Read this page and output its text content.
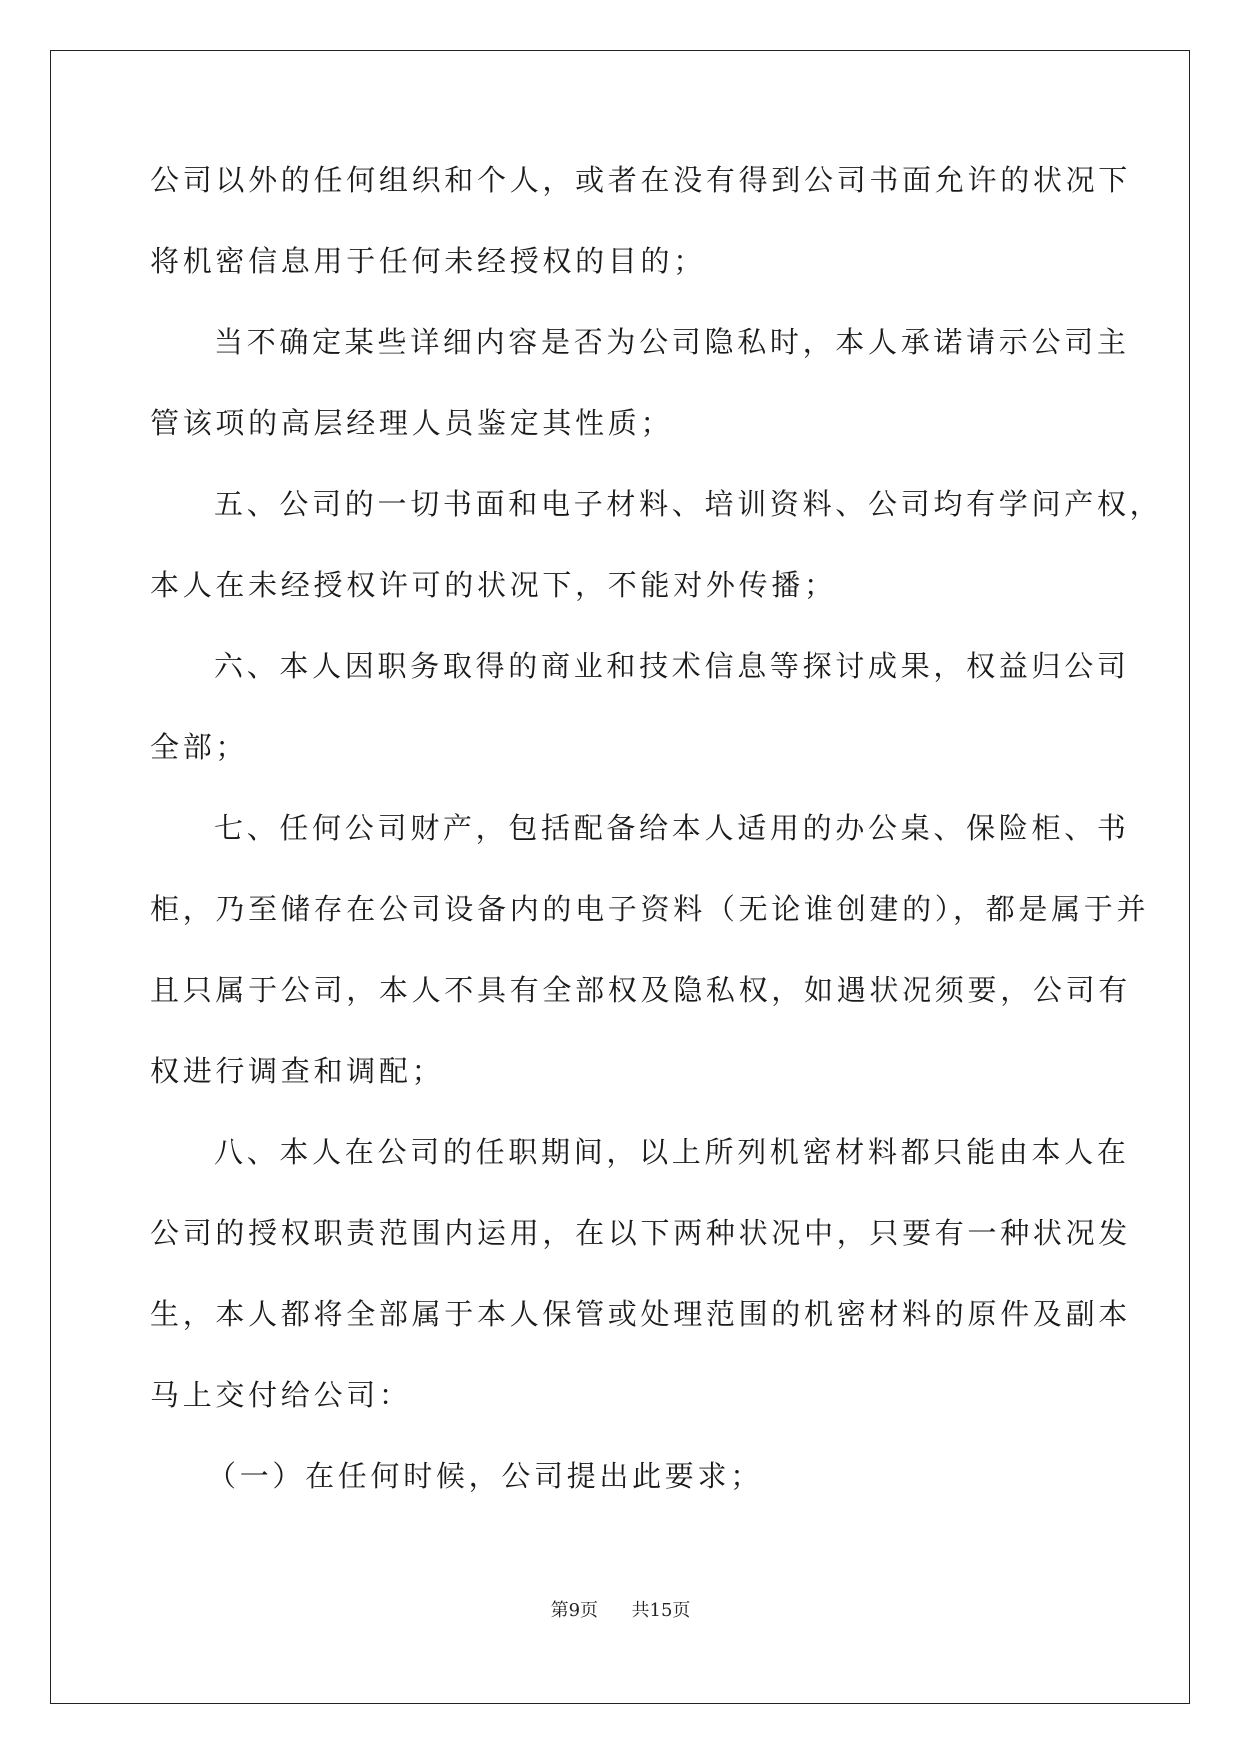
公司以外的任何组织和个人，或者在没有得到公司书面允许的状况下
将机密信息用于任何未经授权的目的；
当不确定某些详细内容是否为公司隐私时，本人承诺请示公司主
管该项的高层经理人员鉴定其性质；
五、公司的一切书面和电子材料、培训资料、公司均有学问产权，
本人在未经授权许可的状况下，不能对外传播；
六、本人因职务取得的商业和技术信息等探讨成果，权益归公司
全部；
七、任何公司财产，包括配备给本人适用的办公桌、保险柜、书
柜，乃至储存在公司设备内的电子资料（无论谁创建的），都是属于并
且只属于公司，本人不具有全部权及隐私权，如遇状况须要，公司有
权进行调查和调配；
八、本人在公司的任职期间，以上所列机密材料都只能由本人在
公司的授权职责范围内运用，在以下两种状况中，只要有一种状况发
生，本人都将全部属于本人保管或处理范围的机密材料的原件及副本
马上交付给公司：
（一）在任何时候，公司提出此要求；
第9页 共15页
